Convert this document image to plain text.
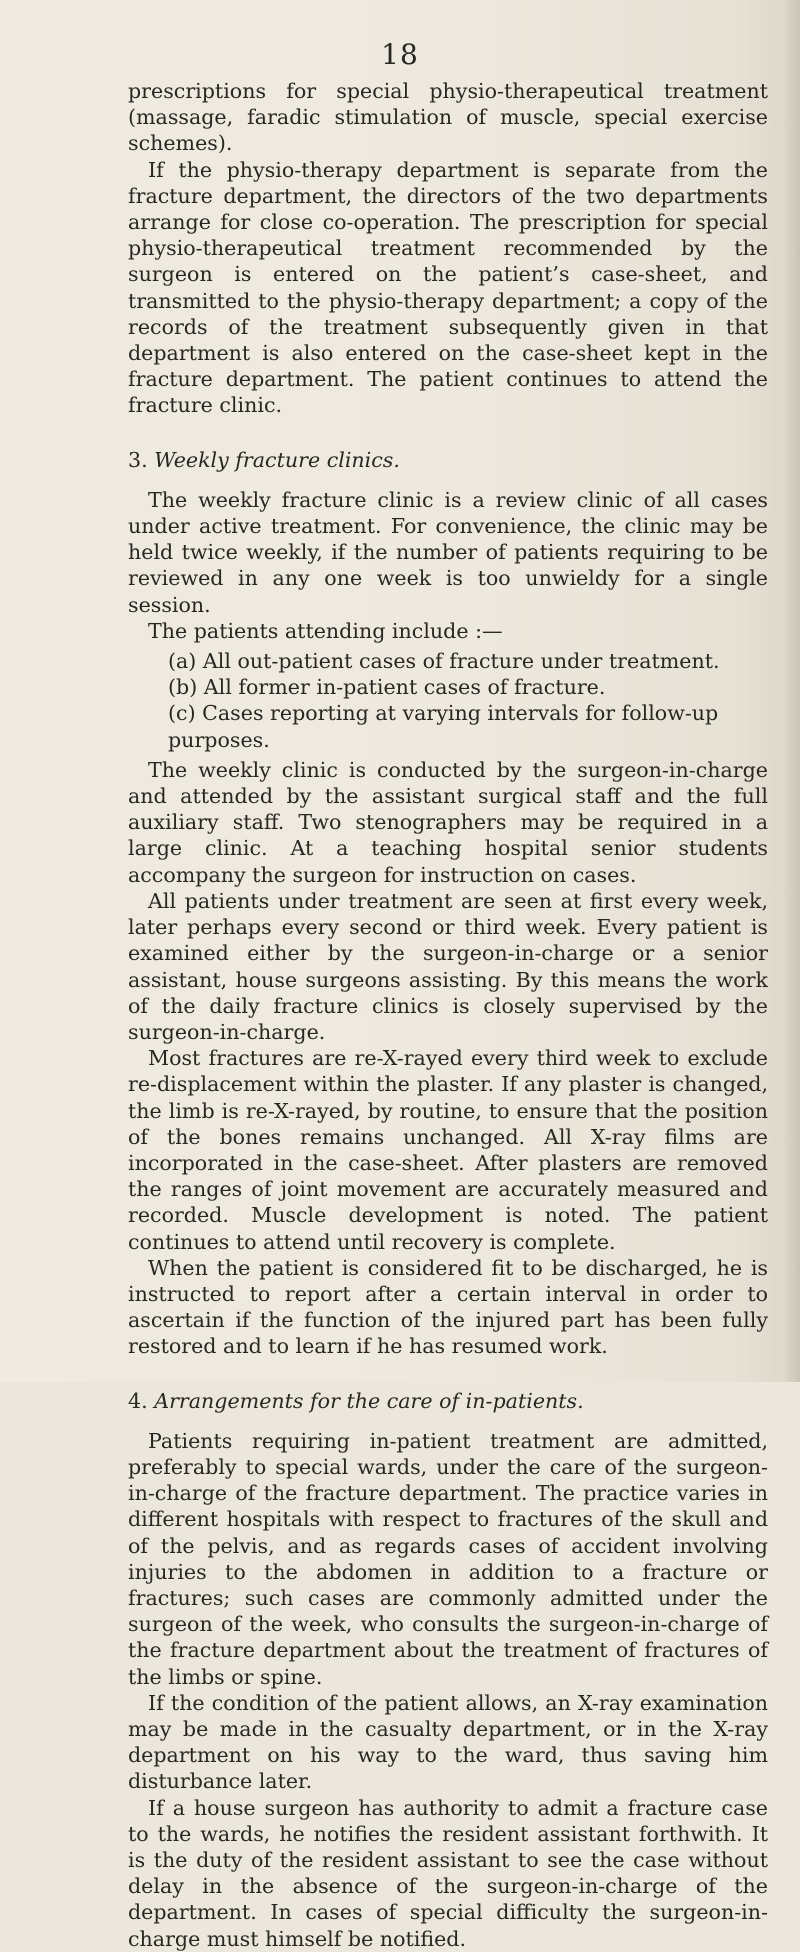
18

prescriptions for special physio-therapeutical treatment (massage, faradic stimulation of muscle, special exercise schemes).

If the physio-therapy department is separate from the fracture department, the directors of the two departments arrange for close co-operation. The prescription for special physio-therapeutical treatment recommended by the surgeon is entered on the patient’s case-sheet, and transmitted to the physio-therapy department; a copy of the records of the treatment subsequently given in that department is also entered on the case-sheet kept in the fracture department. The patient continues to attend the fracture clinic.

3. Weekly fracture clinics.

The weekly fracture clinic is a review clinic of all cases under active treatment. For convenience, the clinic may be held twice weekly, if the number of patients requiring to be reviewed in any one week is too unwieldy for a single session.

The patients attending include :—

(a) All out-patient cases of fracture under treatment.
(b) All former in-patient cases of fracture.
(c) Cases reporting at varying intervals for follow-up purposes.

The weekly clinic is conducted by the surgeon-in-charge and attended by the assistant surgical staff and the full auxiliary staff. Two stenographers may be required in a large clinic. At a teaching hospital senior students accompany the surgeon for instruction on cases.

All patients under treatment are seen at first every week, later perhaps every second or third week. Every patient is examined either by the surgeon-in-charge or a senior assistant, house surgeons assisting. By this means the work of the daily fracture clinics is closely supervised by the surgeon-in-charge.

Most fractures are re-X-rayed every third week to exclude re-displacement within the plaster. If any plaster is changed, the limb is re-X-rayed, by routine, to ensure that the position of the bones remains unchanged. All X-ray films are incorporated in the case-sheet. After plasters are removed the ranges of joint movement are accurately measured and recorded. Muscle development is noted. The patient continues to attend until recovery is complete.

When the patient is considered fit to be discharged, he is instructed to report after a certain interval in order to ascertain if the function of the injured part has been fully restored and to learn if he has resumed work.

4. Arrangements for the care of in-patients.

Patients requiring in-patient treatment are admitted, preferably to special wards, under the care of the surgeon-in-charge of the fracture department. The practice varies in different hospitals with respect to fractures of the skull and of the pelvis, and as regards cases of accident involving injuries to the abdomen in addition to a fracture or fractures; such cases are commonly admitted under the surgeon of the week, who consults the surgeon-in-charge of the fracture department about the treatment of fractures of the limbs or spine.

If the condition of the patient allows, an X-ray examination may be made in the casualty department, or in the X-ray department on his way to the ward, thus saving him disturbance later.

If a house surgeon has authority to admit a fracture case to the wards, he notifies the resident assistant forthwith. It is the duty of the resident assistant to see the case without delay in the absence of the surgeon-in-charge of the department. In cases of special difficulty the surgeon-in-charge must himself be notified.
